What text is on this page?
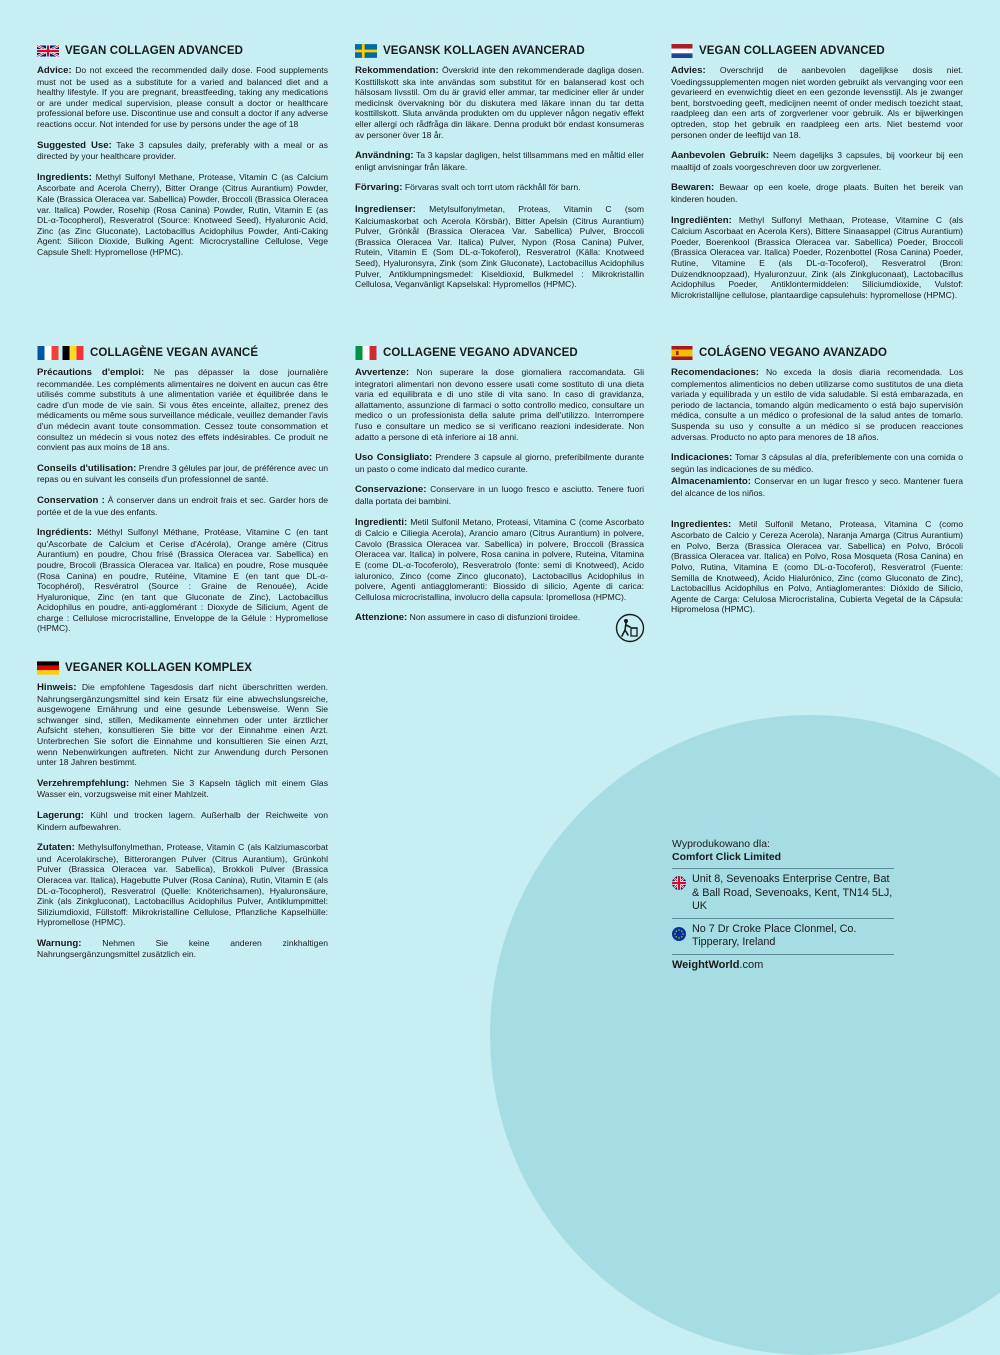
VEGAN COLLAGEN ADVANCED

Advice: Do not exceed the recommended daily dose. Food supplements must not be used as a substitute for a varied and balanced diet and a healthy lifestyle. If you are pregnant, breastfeeding, taking any medications or are under medical supervision, please consult a doctor or healthcare professional before use. Discontinue use and consult a doctor if any adverse reactions occur. Not intended for use by persons under the age of 18

Suggested Use: Take 3 capsules daily, preferably with a meal or as directed by your healthcare provider.

Ingredients: Methyl Sulfonyl Methane, Protease, Vitamin C (as Calcium Ascorbate and Acerola Cherry), Bitter Orange (Citrus Aurantium) Powder, Kale (Brassica Oleracea var. Sabellica) Powder, Broccoli (Brassica Oleracea var. Italica) Powder, Rosehip (Rosa Canina) Powder, Rutin, Vitamin E (as DL-α-Tocopherol), Resveratrol (Source: Knotweed Seed), Hyaluronic Acid, Zinc (as Zinc Gluconate), Lactobacillus Acidophilus Powder, Anti-Caking Agent: Silicon Dioxide, Bulking Agent: Microcrystalline Cellulose, Vege Capsule Shell: Hypromellose (HPMC).

VEGANSK KOLLAGEN AVANCERAD

Rekommendation: Överskrid inte den rekommenderade dagliga dosen. Kosttillskott ska inte användas som substitut för en balanserad kost och hälsosam livsstil. Om du är gravid eller ammar, tar mediciner eller är under medicinsk övervakning bör du diskutera med läkare innan du tar detta kosttillskott. Sluta använda produkten om du upplever någon negativ effekt eller allergi och rådfråga din läkare. Denna produkt bör endast konsumeras av personer över 18 år.

Användning: Ta 3 kapslar dagligen, helst tillsammans med en måltid eller enligt anvisningar från läkare.

Förvaring: Förvaras svalt och torrt utom räckhåll för barn.

Ingredienser: Metylsulfonylmetan, Proteas, Vitamin C (som Kalciumaskorbat och Acerola Körsbär), Bitter Apelsin (Citrus Aurantium) Pulver, Grönkål (Brassica Oleracea Var. Sabellica) Pulver, Broccoli (Brassica Oleracea Var. Italica) Pulver, Nypon (Rosa Canina) Pulver, Rutein, Vitamin E (Som DL-α-Tokoferol), Resveratrol (Källa: Knotweed Seed), Hyaluronsyra, Zink (som Zink Gluconate), Lactobacillus Acidophilus Pulver, Antiklumpningsmedel: Kiseldioxid, Bulkmedel : Mikrokristallin Cellulosa, Veganvänligt Kapselskal: Hypromellos (HPMC).

VEGAN COLLAGEEN ADVANCED

Advies: Overschrijd de aanbevolen dagelijkse dosis niet. Voedingssupplementen mogen niet worden gebruikt als vervanging voor een gevarieerd en evenwichtig dieet en een gezonde levensstijl. Als je zwanger bent, borstvoeding geeft, medicijnen neemt of onder medisch toezicht staat, raadpleeg dan een arts of zorgverlener voor gebruik. Als er bijwerkingen optreden, stop het gebruik en raadpleeg een arts. Niet bestemd voor personen onder de leeftijd van 18.

Aanbevolen Gebruik: Neem dagelijks 3 capsules, bij voorkeur bij een maaltijd of zoals voorgeschreven door uw zorgverlener.

Bewaren: Bewaar op een koele, droge plaats. Buiten het bereik van kinderen houden.

Ingrediënten: Methyl Sulfonyl Methaan, Protease, Vitamine C (als Calcium Ascorbaat en Acerola Kers), Bittere Sinaasappel (Citrus Aurantium) Poeder, Boerenkool (Brassica Oleracea var. Sabellica) Poeder, Broccoli (Brassica Oleracea var. Italica) Poeder, Rozenbottel (Rosa Canina) Poeder, Rutine, Vitamine E (als DL-α-Tocoferol), Resveratrol (Bron: Duizendknoopzaad), Hyaluronzuur, Zink (als Zinkgluconaat), Lactobacillus Acidophilus Poeder, Antiklontermiddelen: Siliciumdioxide, Vulstof: Microkristallijne cellulose, plantaardige capsulehuls: hypromellose (HPMC).

COLLAGÈNE VEGAN AVANCÉ

Précautions d'emploi: Ne pas dépasser la dose journalière recommandée. Les compléments alimentaires ne doivent en aucun cas être utilisés comme substituts à une alimentation variée et équilibrée dans le cadre d'un mode de vie sain. Si vous êtes enceinte, allaitez, prenez des médicaments ou même sous surveillance médicale, veuillez demander l'avis d'un médecin avant toute consommation. Cessez toute consommation et consultez un médecin si vous notez des effets indésirables. Ce produit ne convient pas aux moins de 18 ans.

Conseils d'utilisation: Prendre 3 gélules par jour, de préférence avec un repas ou en suivant les conseils d'un professionnel de santé.

Conservation : À conserver dans un endroit frais et sec. Garder hors de portée et de la vue des enfants.

Ingrédients: Méthyl Sulfonyl Méthane, Protéase, Vitamine C (en tant qu'Ascorbate de Calcium et Cerise d'Acérola), Orange amère (Citrus Aurantium) en poudre, Chou frisé (Brassica Oleracea var. Sabellica) en poudre, Brocoli (Brassica Oleracea var. Italica) en poudre, Rose musquée (Rosa Canina) en poudre, Rutéine, Vitamine E (en tant que DL-α-Tocophérol), Resvératrol (Source : Graine de Renouée), Acide Hyaluronique, Zinc (en tant que Gluconate de Zinc), Lactobacillus Acidophilus en poudre, anti-agglomérant : Dioxyde de Silicium, Agent de charge : Cellulose microcristalline, Enveloppe de la Gélule : Hypromellose (HPMC).

COLLAGENE VEGANO ADVANCED

Avvertenze: Non superare la dose giornaliera raccomandata. Gli integratori alimentari non devono essere usati come sostituto di una dieta varia ed equilibrata e di uno stile di vita sano. In caso di gravidanza, allattamento, assunzione di farmaci o sotto controllo medico, consultare un medico o un professionista della salute prima dell'utilizzo. Interrompere l'uso e consultare un medico se si verificano reazioni indesiderate. Non adatto a persone di età inferiore ai 18 anni.

Uso Consigliato: Prendere 3 capsule al giorno, preferibilmente durante un pasto o come indicato dal medico curante.

Conservazione: Conservare in un luogo fresco e asciutto. Tenere fuori dalla portata dei bambini.

Ingredienti: Metil Sulfonil Metano, Proteasi, Vitamina C (come Ascorbato di Calcio e Ciliegia Acerola), Arancio amaro (Citrus Aurantium) in polvere, Cavolo (Brassica Oleracea var. Sabellica) in polvere, Broccoli (Brassica Oleracea var. Italica) in polvere, Rosa canina in polvere, Ruteina, Vitamina E (come DL-α-Tocoferolo), Resveratrolo (fonte: semi di Knotweed), Acido ialuronico, Zinco (come Zinco gluconato), Lactobacillus Acidophilus in polvere, Agenti antiagglomeranti: Biossido di silicio, Agente di carica: Cellulosa microcristallina, involucro della capsula: Ipromellosa (HPMC).

Attenzione: Non assumere in caso di disfunzioni tiroidee.

COLÁGENO VEGANO AVANZADO

Recomendaciones: No exceda la dosis diaria recomendada. Los complementos alimenticios no deben utilizarse como sustitutos de una dieta variada y equilibrada y un estilo de vida saludable. Si está embarazada, en periodo de lactancia, tomando algún medicamento o está bajo supervisión médica, consulte a un médico o profesional de la salud antes de tomarlo. Suspenda su uso y consulte a un médico si se producen reacciones adversas. Producto no apto para menores de 18 años.

Indicaciones: Tomar 3 cápsulas al día, preferiblemente con una comida o según las indicaciones de su médico.

Almacenamiento: Conservar en un lugar fresco y seco. Mantener fuera del alcance de los niños.

Ingredientes: Metil Sulfonil Metano, Proteasa, Vitamina C (como Ascorbato de Calcio y Cereza Acerola), Naranja Amarga (Citrus Aurantium) en Polvo, Berza (Brassica Oleracea var. Sabellica) en Polvo, Brócoli (Brassica Oleracea var. Italica) en Polvo, Rosa Mosqueta (Rosa Canina) en Polvo, Rutina, Vitamina E (como DL-α-Tocoferol), Resveratrol (Fuente: Semilla de Knotweed), Ácido Hialurónico, Zinc (como Gluconato de Zinc), Lactobacillus Acidophilus en Polvo, Antiaglomerantes: Dióxido de Silicio, Agente de Carga: Celulosa Microcristalina, Cubierta Vegetal de la Cápsula: Hipromelosa (HPMC).

VEGANER KOLLAGEN KOMPLEX

Hinweis: Die empfohlene Tagesdosis darf nicht überschritten werden. Nahrungsergänzungsmittel sind kein Ersatz für eine abwechslungsreiche, ausgewogene Ernährung und eine gesunde Lebensweise. Wenn Sie schwanger sind, stillen, Medikamente einnehmen oder unter ärztlicher Aufsicht stehen, konsultieren Sie bitte vor der Einnahme einen Arzt. Unterbrechen Sie sofort die Einnahme und konsultieren Sie einen Arzt, wenn Nebenwirkungen auftreten. Nicht zur Anwendung durch Personen unter 18 Jahren bestimmt.

Verzehrempfehlung: Nehmen Sie 3 Kapseln täglich mit einem Glas Wasser ein, vorzugsweise mit einer Mahlzeit.

Lagerung: Kühl und trocken lagern. Außerhalb der Reichweite von Kindern aufbewahren.

Zutaten: Methylsulfonylmethan, Protease, Vitamin C (als Kalziumascorbat und Acerolakirsche), Bitterorangen Pulver (Citrus Aurantium), Grünkohl Pulver (Brassica Oleracea var. Sabellica), Brokkoli Pulver (Brassica Oleracea var. Italica), Hagebutte Pulver (Rosa Canina), Rutin, Vitamin E (als DL-α-Tocopherol), Resveratrol (Quelle: Knöterichsamen), Hyaluronsäure, Zink (als Zinkgluconat), Lactobacillus Acidophilus Pulver, Antiklumpmittel: Siliziumdioxid, Füllstoff: Mikrokristalline Cellulose, Pflanzliche Kapselhülle: Hypromellose (HPMC).

Warnung: Nehmen Sie keine anderen zinkhaltigen Nahrungsergänzungsmittel zusätzlich ein.

Wyprodukowano dla:
Comfort Click Limited
Unit 8, Sevenoaks Enterprise Centre, Bat & Ball Road, Sevenoaks, Kent, TN14 5LJ, UK
No 7 Dr Croke Place Clonmel, Co. Tipperary, Ireland
WeightWorld.com
